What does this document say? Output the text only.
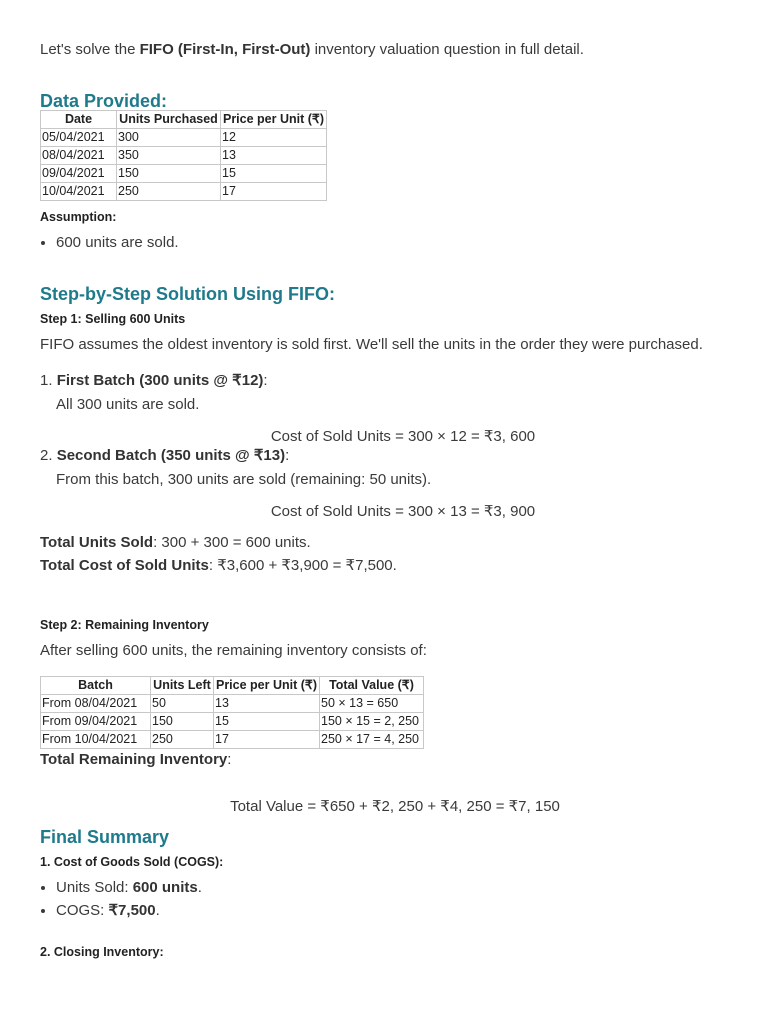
Let's solve the FIFO (First-In, First-Out) inventory valuation question in full detail.

Data Provided:
Date	Units Purchased	Price per Unit (₹)
05/04/2021	300	12
08/04/2021	350	13
09/04/2021	150	15
10/04/2021	250	17

Assumption:

• 600 units are sold.
Step-by-Step Solution Using FIFO:

Step 1: Selling 600 Units

FIFO assumes the oldest inventory is sold first. We'll sell the units in the order they were purchased.

1. First Batch (300 units @ ₹12):

All 300 units are sold.

Cost of Sold Units = 300 × 12 = ₹3, 600

2. Second Batch (350 units @ ₹13):

From this batch, 300 units are sold (remaining: 50 units).

Cost of Sold Units = 300 × 13 = ₹3, 900

Total Units Sold: 300 + 300 = 600 units.

Total Cost of Sold Units: ₹3,600 + ₹3,900 = ₹7,500.

Step 2: Remaining Inventory

After selling 600 units, the remaining inventory consists of:

Batch	Units Left	Price per Unit (₹)	Total Value (₹)
From 08/04/2021	50	13	50 × 13 = 650
From 09/04/2021	150	15	150 × 15 = 2, 250
From 10/04/2021	250	17	250 × 17 = 4, 250

Total Remaining Inventory:

Total Value = ₹650 + ₹2, 250 + ₹4, 250 = ₹7, 150

Final Summary

1. Cost of Goods Sold (COGS):

• Units Sold: 600 units.
• COGS: ₹7,500.

2. Closing Inventory:
